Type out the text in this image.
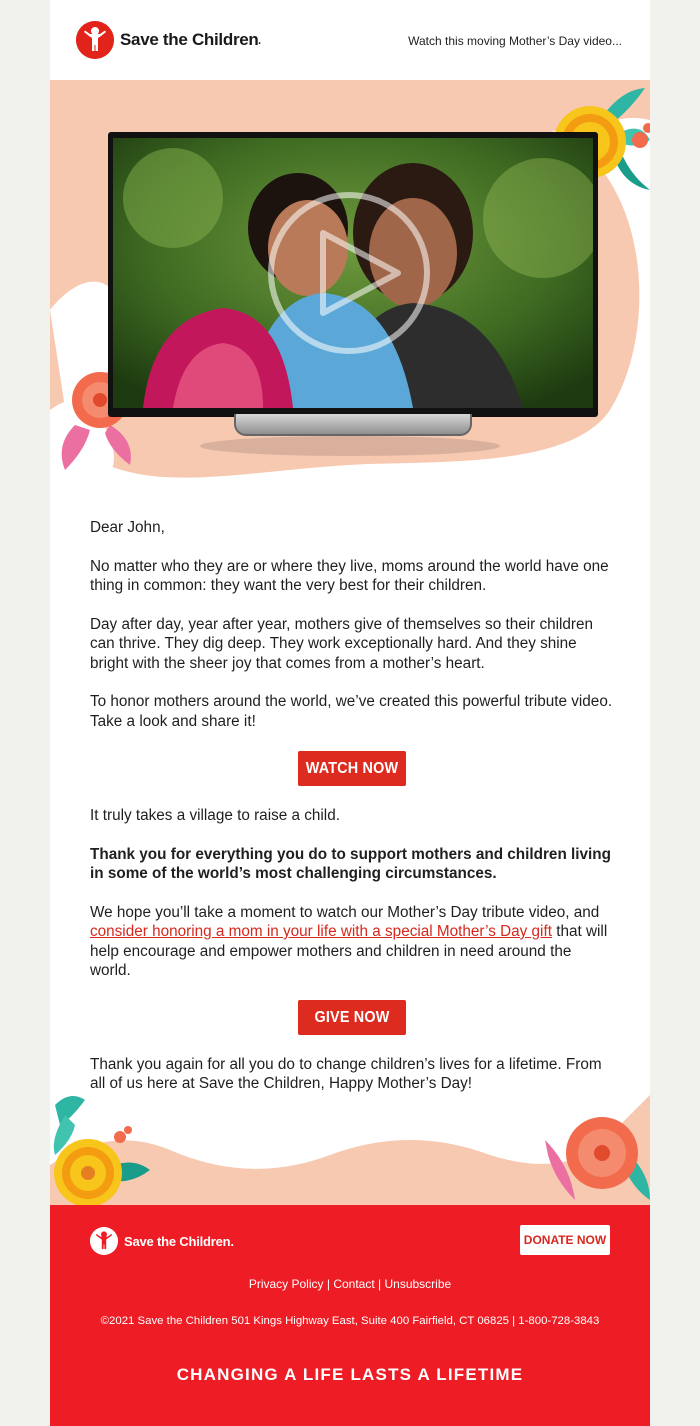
Save the Children$_•$	Watch this moving Mother’s Day video...

Dear John,

No matter who they are or where they live, moms around the world have one thing in common: they want the very best for their children.

Day after day, year after year, mothers give of themselves so their children can thrive. They dig deep. They work exceptionally hard. And they shine bright with the sheer joy that comes from a mother’s heart.

To honor mothers around the world, we’ve created this powerful tribute video. Take a look and share it!

WATCH NOW

It truly takes a village to raise a child.

Thank you for everything you do to support mothers and children living in some of the world’s most challenging circumstances.

We hope you’ll take a moment to watch our Mother’s Day tribute video, and consider honoring a mom in your life with a special Mother’s Day gift that will help encourage and empower mothers and children in need around the world.

GIVE NOW

Thank you again for all you do to change children’s lives for a lifetime. From all of us here at Save the Children, Happy Mother’s Day!

Save the Children.	DONATE NOW
Privacy Policy | Contact | Unsubscribe
©2021 Save the Children 501 Kings Highway East, Suite 400 Fairfield, CT 06825 | 1-800-728-3843
CHANGING A LIFE LASTS A LIFETIME
